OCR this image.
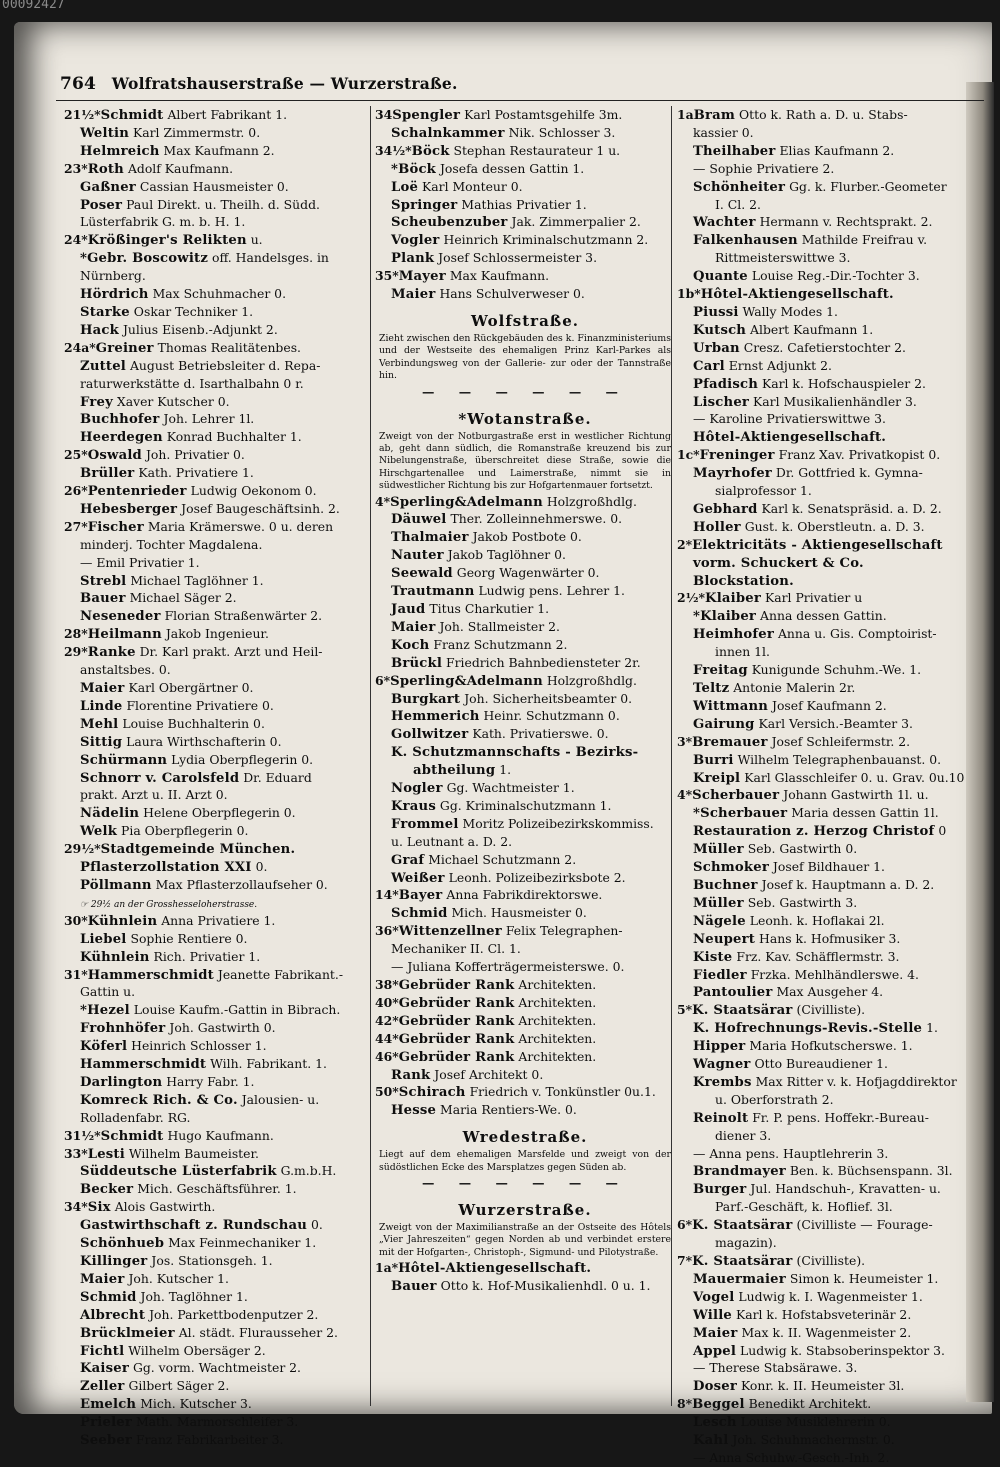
00092427
764 Wolfratshauserstraße — Wurzerstraße.
21½*Schmidt Albert Fabrikant 1.
Weltin Karl Zimmermstr. 0.
Helmreich Max Kaufmann 2.
23*Roth Adolf Kaufmann.
Gaßner Cassian Hausmeister 0.
Poser Paul Direkt. u. Theilh. d. Südd.
Lüsterfabrik G. m. b. H. 1.
24*Krößinger's Relikten u.
*Gebr. Boscowitz off. Handelsges. in
Nürnberg.
Hördrich Max Schuhmacher 0.
Starke Oskar Techniker 1.
Hack Julius Eisenb.-Adjunkt 2.
24a*Greiner Thomas Realitätenbes.
Zuttel August Betriebsleiter d. Repa-
raturwerkstätte d. Isarthalbahn 0 r.
Frey Xaver Kutscher 0.
Buchhofer Joh. Lehrer 1l.
Heerdegen Konrad Buchhalter 1.
25*Oswald Joh. Privatier 0.
Brüller Kath. Privatiere 1.
26*Pentenrieder Ludwig Oekonom 0.
Hebesberger Josef Baugeschäftsinh. 2.
27*Fischer Maria Krämerswe. 0 u. deren
minderj. Tochter Magdalena.
— Emil Privatier 1.
Strebl Michael Taglöhner 1.
Bauer Michael Säger 2.
Neseneder Florian Straßenwärter 2.
28*Heilmann Jakob Ingenieur.
29*Ranke Dr. Karl prakt. Arzt und Heil-
anstaltsbes. 0.
Maier Karl Obergärtner 0.
Linde Florentine Privatiere 0.
Mehl Louise Buchhalterin 0.
Sittig Laura Wirthschafterin 0.
Schürmann Lydia Oberpflegerin 0.
Schnorr v. Carolsfeld Dr. Eduard
prakt. Arzt u. II. Arzt 0.
Nädelin Helene Oberpflegerin 0.
Welk Pia Oberpflegerin 0.
29½*Stadtgemeinde München.
Pflasterzollstation XXI 0.
Pöllmann Max Pflasterzollaufseher 0.
☞ 29½ an der Grosshesseloherstrasse.
30*Kühnlein Anna Privatiere 1.
Liebel Sophie Rentiere 0.
Kühnlein Rich. Privatier 1.
31*Hammerschmidt Jeanette Fabrikant.-
Gattin u.
*Hezel Louise Kaufm.-Gattin in Bibrach.
Frohnhöfer Joh. Gastwirth 0.
Köferl Heinrich Schlosser 1.
Hammerschmidt Wilh. Fabrikant. 1.
Darlington Harry Fabr. 1.
Komreck Rich. & Co. Jalousien- u.
Rolladenfabr. RG.
31½*Schmidt Hugo Kaufmann.
33*Lesti Wilhelm Baumeister.
Süddeutsche Lüsterfabrik G.m.b.H.
Becker Mich. Geschäftsführer. 1.
34*Six Alois Gastwirth.
Gastwirthschaft z. Rundschau 0.
Schönhueb Max Feinmechaniker 1.
Killinger Jos. Stationsgeh. 1.
Maier Joh. Kutscher 1.
Schmid Joh. Taglöhner 1.
Albrecht Joh. Parkettbodenputzer 2.
Brücklmeier Al. städt. Flurausseher 2.
Fichtl Wilhelm Obersäger 2.
Kaiser Gg. vorm. Wachtmeister 2.
Zeller Gilbert Säger 2.
Emelch Mich. Kutscher 3.
Prieler Math. Marmorschleifer 3.
Seeber Franz Fabrikarbeiter 3.
34Spengler Karl Postamtsgehilfe 3m.
Schalnkammer Nik. Schlosser 3.
34½*Böck Stephan Restaurateur 1 u.
*Böck Josefa dessen Gattin 1.
Loë Karl Monteur 0.
Springer Mathias Privatier 1.
Scheubenzuber Jak. Zimmerpalier 2.
Vogler Heinrich Kriminalschutzmann 2.
Plank Josef Schlossermeister 3.
35*Mayer Max Kaufmann.
Maier Hans Schulverweser 0.
Wolfstraße.
Zieht zwischen den Rückgebäuden des k. Finanzministeriums und der Westseite des ehemaligen Prinz Karl-Parkes als Verbindungsweg von der Gallerie- zur oder der Tannstraße hin.
— — — — — —
*Wotanstraße.
Zweigt von der Notburgastraße erst in westlicher Richtung ab, geht dann südlich, die Romanstraße kreuzend bis zur Nibelungenstraße, überschreitet diese Straße, sowie die Hirschgartenallee und Laimerstraße, nimmt sie in südwestlicher Richtung bis zur Hofgartenmauer fortsetzt.
4*Sperling&Adelmann Holzgroßhdlg.
Däuwel Ther. Zolleinnehmerswe. 0.
Thalmaier Jakob Postbote 0.
Nauter Jakob Taglöhner 0.
Seewald Georg Wagenwärter 0.
Trautmann Ludwig pens. Lehrer 1.
Jaud Titus Charkutier 1.
Maier Joh. Stallmeister 2.
Koch Franz Schutzmann 2.
Brückl Friedrich Bahnbediensteter 2r.
6*Sperling&Adelmann Holzgroßhdlg.
Burgkart Joh. Sicherheitsbeamter 0.
Hemmerich Heinr. Schutzmann 0.
Gollwitzer Kath. Privatierswe. 0.
K. Schutzmannschafts - Bezirks-
abtheilung 1.
Nogler Gg. Wachtmeister 1.
Kraus Gg. Kriminalschutzmann 1.
Frommel Moritz Polizeibezirkskommiss.
u. Leutnant a. D. 2.
Graf Michael Schutzmann 2.
Weißer Leonh. Polizeibezirksbote 2.
14*Bayer Anna Fabrikdirektorswe.
Schmid Mich. Hausmeister 0.
36*Wittenzellner Felix Telegraphen-
Mechaniker II. Cl. 1.
— Juliana Kofferträgermeisterswe. 0.
38*Gebrüder Rank Architekten.
40*Gebrüder Rank Architekten.
42*Gebrüder Rank Architekten.
44*Gebrüder Rank Architekten.
46*Gebrüder Rank Architekten.
Rank Josef Architekt 0.
50*Schirach Friedrich v. Tonkünstler 0u.1.
Hesse Maria Rentiers-We. 0.
Wredestraße.
Liegt auf dem ehemaligen Marsfelde und zweigt von der südöstlichen Ecke des Marsplatzes gegen Süden ab.
— — — — — —
Wurzerstraße.
Zweigt von der Maximilianstraße an der Ostseite des Hôtels „Vier Jahreszeiten“ gegen Norden ab und verbindet erstere mit der Hofgarten-, Christoph-, Sigmund- und Pilotystraße.
1a*Hôtel-Aktiengesellschaft.
Bauer Otto k. Hof-Musikalienhdl. 0 u. 1.
1aBram Otto k. Rath a. D. u. Stabs-
kassier 0.
Theilhaber Elias Kaufmann 2.
— Sophie Privatiere 2.
Schönheiter Gg. k. Flurber.-Geometer
I. Cl. 2.
Wachter Hermann v. Rechtsprakt. 2.
Falkenhausen Mathilde Freifrau v.
Rittmeisterswittwe 3.
Quante Louise Reg.-Dir.-Tochter 3.
1b*Hôtel-Aktiengesellschaft.
Piussi Wally Modes 1.
Kutsch Albert Kaufmann 1.
Urban Cresz. Cafetierstochter 2.
Carl Ernst Adjunkt 2.
Pfadisch Karl k. Hofschauspieler 2.
Lischer Karl Musikalienhändler 3.
— Karoline Privatierswittwe 3.
Hôtel-Aktiengesellschaft.
1c*Freninger Franz Xav. Privatkopist 0.
Mayrhofer Dr. Gottfried k. Gymna-
sialprofessor 1.
Gebhard Karl k. Senatspräsid. a. D. 2.
Holler Gust. k. Oberstleutn. a. D. 3.
2*Elektricitäts - Aktiengesellschaft
vorm. Schuckert & Co.
Blockstation.
2½*Klaiber Karl Privatier u
*Klaiber Anna dessen Gattin.
Heimhofer Anna u. Gis. Comptoirist-
innen 1l.
Freitag Kunigunde Schuhm.-We. 1.
Teltz Antonie Malerin 2r.
Wittmann Josef Kaufmann 2.
Gairung Karl Versich.-Beamter 3.
3*Bremauer Josef Schleifermstr. 2.
Burri Wilhelm Telegraphenbauanst. 0.
Kreipl Karl Glasschleifer 0. u. Grav. 0u.10
4*Scherbauer Johann Gastwirth 1l. u.
*Scherbauer Maria dessen Gattin 1l.
Restauration z. Herzog Christof 0
Müller Seb. Gastwirth 0.
Schmoker Josef Bildhauer 1.
Buchner Josef k. Hauptmann a. D. 2.
Müller Seb. Gastwirth 3.
Nägele Leonh. k. Hoflakai 2l.
Neupert Hans k. Hofmusiker 3.
Kiste Frz. Kav. Schäfflermstr. 3.
Fiedler Frzka. Mehlhändlerswe. 4.
Pantoulier Max Ausgeher 4.
5*K. Staatsärar (Civilliste).
K. Hofrechnungs-Revis.-Stelle 1.
Hipper Maria Hofkutscherswe. 1.
Wagner Otto Bureaudiener 1.
Krembs Max Ritter v. k. Hofjagddirektor
u. Oberforstrath 2.
Reinolt Fr. P. pens. Hoffekr.-Bureau-
diener 3.
— Anna pens. Hauptlehrerin 3.
Brandmayer Ben. k. Büchsenspann. 3l.
Burger Jul. Handschuh-, Kravatten- u.
Parf.-Geschäft, k. Hoflief. 3l.
6*K. Staatsärar (Civilliste — Fourage-
magazin).
7*K. Staatsärar (Civilliste).
Mauermaier Simon k. Heumeister 1.
Vogel Ludwig k. I. Wagenmeister 1.
Wille Karl k. Hofstabsveterinär 2.
Maier Max k. II. Wagenmeister 2.
Appel Ludwig k. Stabsoberinspektor 3.
— Therese Stabsärawe. 3.
Doser Konr. k. II. Heumeister 3l.
8*Beggel Benedikt Architekt.
Lesch Louise Musiklehrerin 0.
Kahl Joh. Schuhmachermstr. 0.
— Anna Schuhw.-Gesch.-Inh. 2.
